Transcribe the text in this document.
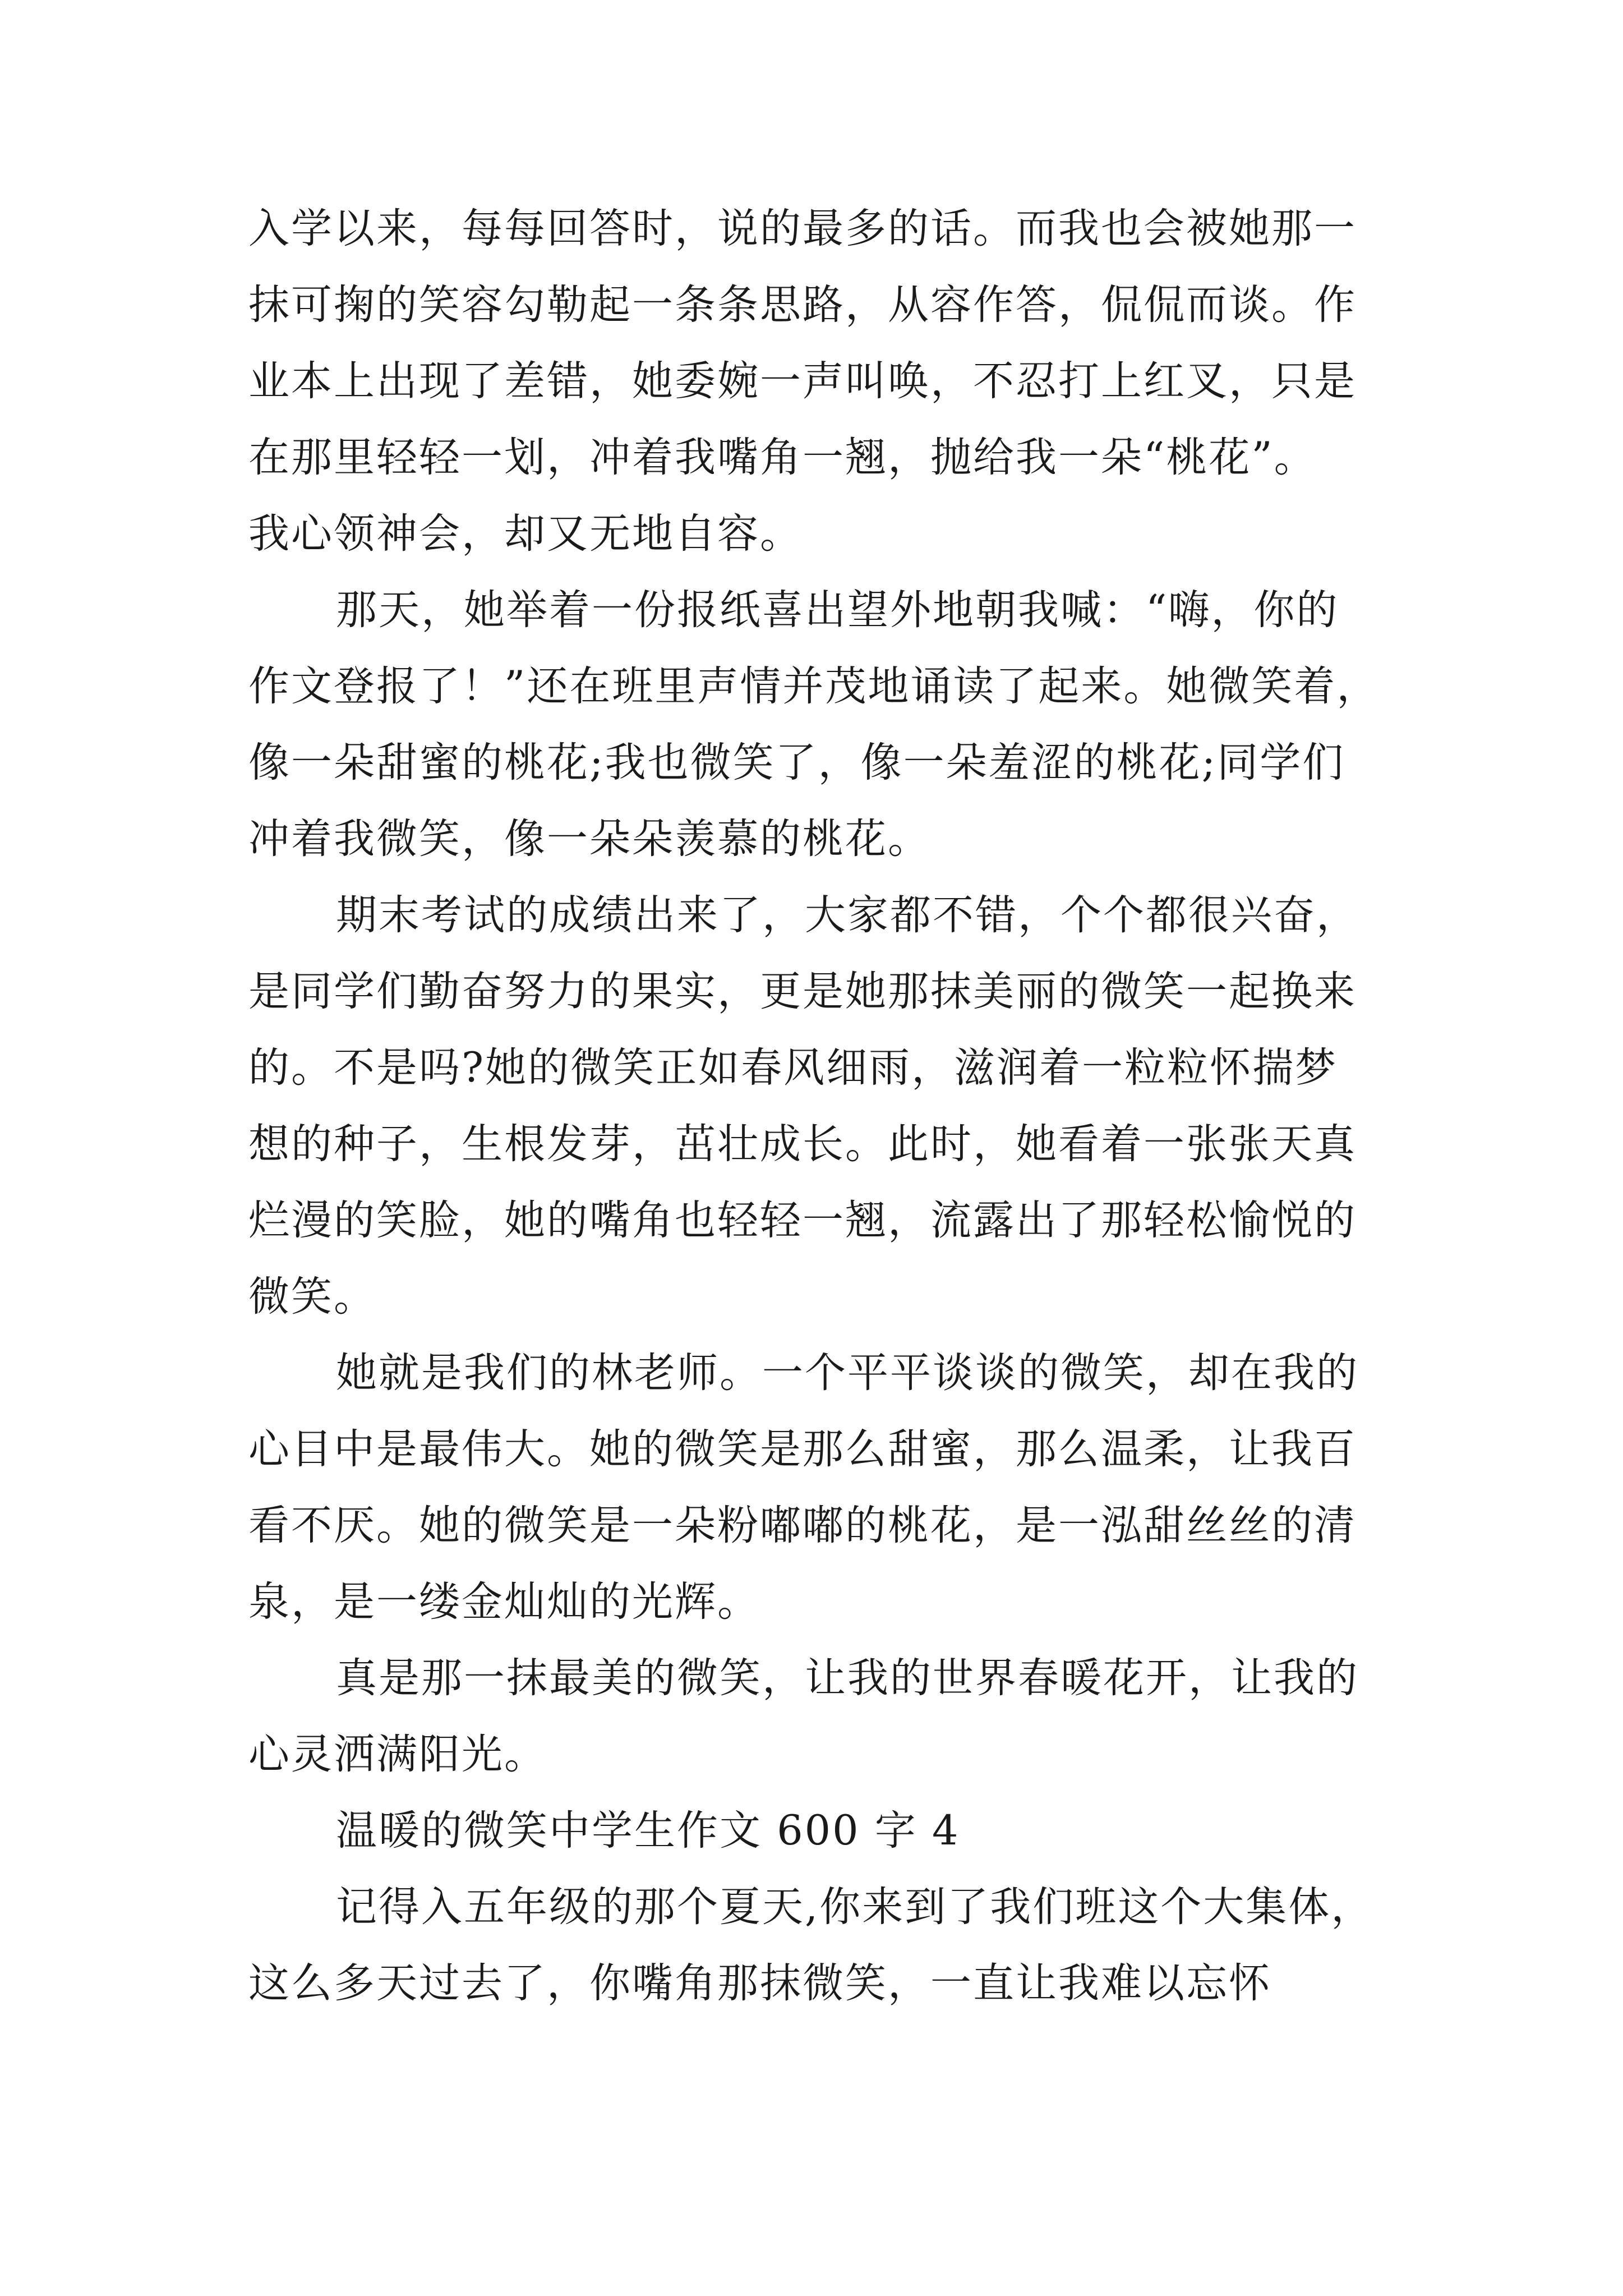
入学以来，每每回答时，说的最多的话。而我也会被她那一
抹可掬的笑容勾勒起一条条思路，从容作答，侃侃而谈。作
业本上出现了差错，她委婉一声叫唤，不忍打上红叉，只是
在那里轻轻一划，冲着我嘴角一翘，抛给我一朵“桃花”。
我心领神会，却又无地自容。
那天，她举着一份报纸喜出望外地朝我喊：“嗨，你的
作文登报了！”还在班里声情并茂地诵读了起来。她微笑着，
像一朵甜蜜的桃花;我也微笑了，像一朵羞涩的桃花;同学们
冲着我微笑，像一朵朵羡慕的桃花。
期末考试的成绩出来了，大家都不错，个个都很兴奋，
是同学们勤奋努力的果实，更是她那抹美丽的微笑一起换来
的。不是吗?她的微笑正如春风细雨，滋润着一粒粒怀揣梦
想的种子，生根发芽，茁壮成长。此时，她看着一张张天真
烂漫的笑脸，她的嘴角也轻轻一翘，流露出了那轻松愉悦的
微笑。
她就是我们的林老师。一个平平谈谈的微笑，却在我的
心目中是最伟大。她的微笑是那么甜蜜，那么温柔，让我百
看不厌。她的微笑是一朵粉嘟嘟的桃花，是一泓甜丝丝的清
泉，是一缕金灿灿的光辉。
真是那一抹最美的微笑，让我的世界春暖花开，让我的
心灵洒满阳光。
温暖的微笑中学生作文 600 字 4
记得入五年级的那个夏天,你来到了我们班这个大集体，
这么多天过去了，你嘴角那抹微笑，一直让我难以忘怀
